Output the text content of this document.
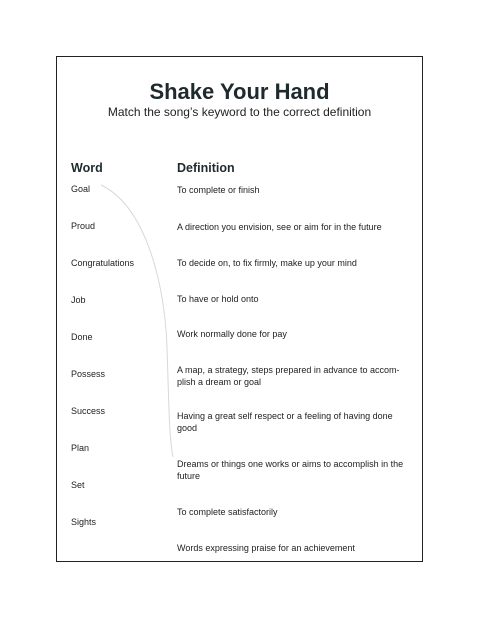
Shake Your Hand

Match the song’s keyword to the correct definition

Word	Definition
Goal
Proud
Congratulations
Job
Done
Possess
Success
Plan
Set
Sights
To complete or finish
A direction you envision, see or aim for in the future
To decide on, to fix firmly, make up your mind
To have or hold onto
Work normally done for pay
A map, a strategy, steps prepared in advance to accom-plish a dream or goal
Having a great self respect or a feeling of having done good
Dreams or things one works or aims to accomplish in the future
To complete satisfactorily
Words expressing praise for an achievement
